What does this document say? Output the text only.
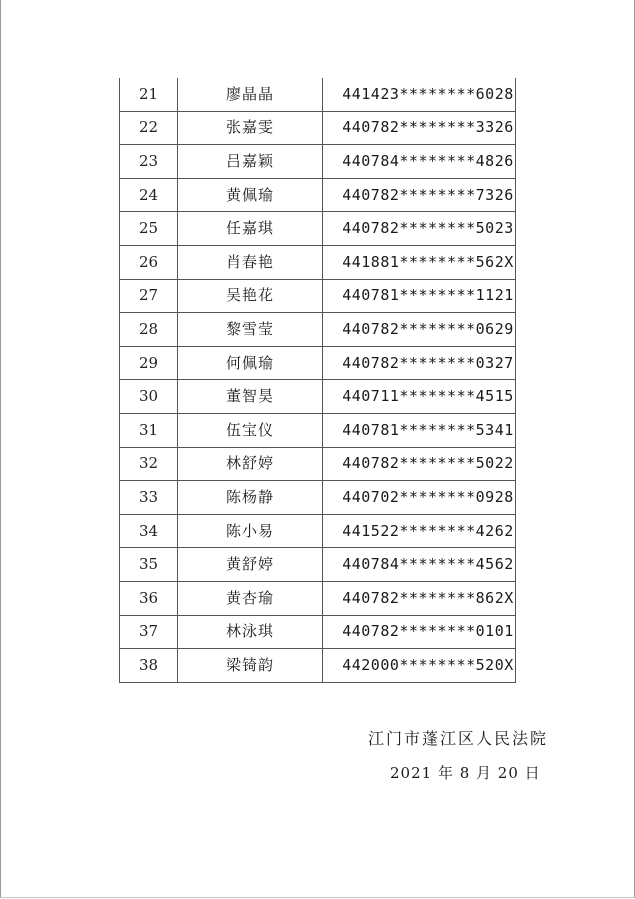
21	廖晶晶	441423********6028
22	张嘉雯	440782********3326
23	吕嘉颖	440784********4826
24	黄佩瑜	440782********7326
25	任嘉琪	440782********5023
26	肖春艳	441881********562X
27	吴艳花	440781********1121
28	黎雪莹	440782********0629
29	何佩瑜	440782********0327
30	董智昊	440711********4515
31	伍宝仪	440781********5341
32	林舒婷	440782********5022
33	陈杨静	440702********0928
34	陈小易	441522********4262
35	黄舒婷	440784********4562
36	黄杏瑜	440782********862X
37	林泳琪	440782********0101
38	梁锜韵	442000********520X
江门市蓬江区人民法院
2021 年 8 月 20 日
